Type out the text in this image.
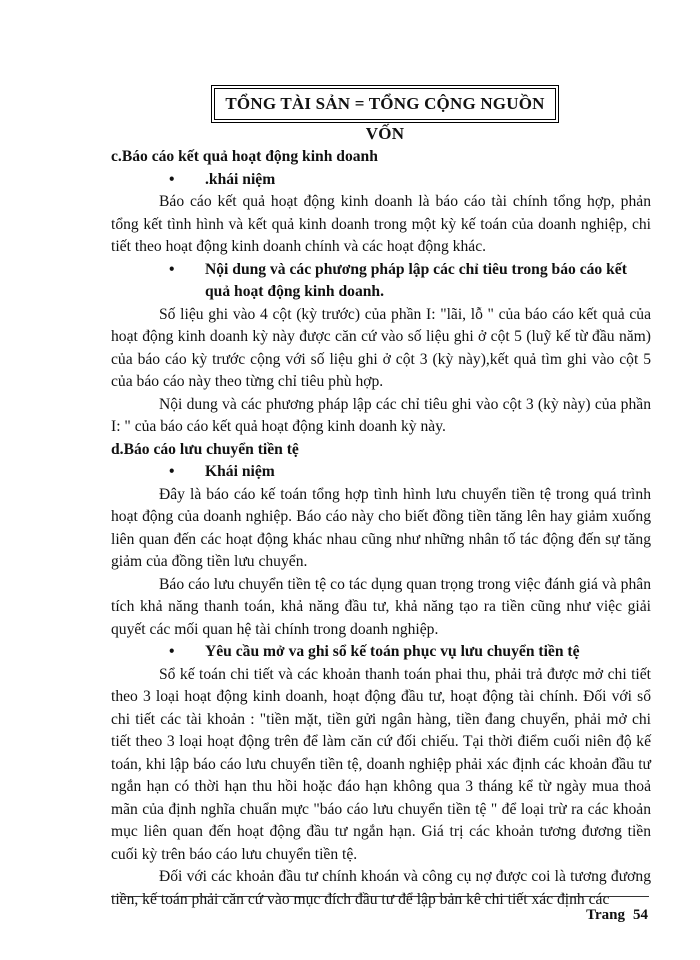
TỔNG TÀI SẢN = TỔNG CỘNG NGUỒN VỐN
c.Báo cáo kết quả hoạt động kinh doanh
• .khái niệm
Báo cáo kết quả hoạt động kinh doanh là báo cáo tài chính tổng hợp, phản tổng kết tình hình và kết quả kinh doanh trong một kỳ kế toán của doanh nghiệp, chi tiết theo hoạt động kinh doanh chính và các hoạt động khác.
• Nội dung và các phương pháp lập các chỉ tiêu trong báo cáo kết quả hoạt động kinh doanh.
Số liệu ghi vào 4 cột (kỳ trước) của phần I: "lãi, lỗ " của báo cáo kết quả của hoạt động kinh doanh kỳ này được căn cứ vào số liệu ghi ở cột 5 (luỹ kế từ đầu năm) của báo cáo kỳ trước cộng với số liệu ghi ở cột 3 (kỳ này),kết quả tìm ghi vào cột 5 của báo cáo này theo từng chỉ tiêu phù hợp.
Nội dung và các phương pháp lập các chỉ tiêu ghi vào cột 3 (kỳ này) của phần I: " của báo cáo kết quả hoạt động kinh doanh kỳ này.
d.Báo cáo lưu chuyển tiền tệ
• Khái niệm
Đây là báo cáo kế toán tổng hợp tình hình lưu chuyển tiền tệ trong quá trình hoạt động của doanh nghiệp. Báo cáo này cho biết đồng tiền tăng lên hay giảm xuống liên quan đến các hoạt động khác nhau cũng như những nhân tố tác động đến sự tăng giảm của đồng tiền lưu chuyển.
Báo cáo lưu chuyển tiền tệ co tác dụng quan trọng trong việc đánh giá và phân tích khả năng thanh toán, khả năng đầu tư, khả năng tạo ra tiền cũng như việc giải quyết các mối quan hệ tài chính trong doanh nghiệp.
• Yêu cầu mở va ghi sổ kế toán phục vụ lưu chuyển tiền tệ
Sổ kế toán chi tiết và các khoản thanh toán phai thu, phải trả được mở chi tiết theo 3 loại hoạt động kinh doanh, hoạt động đầu tư, hoạt động tài chính. Đối với sổ chi tiết các tài khoản : "tiền mặt, tiền gửi ngân hàng, tiền đang chuyển, phải mở chi tiết theo 3 loại hoạt động trên để làm căn cứ đối chiếu. Tại thời điểm cuối niên độ kế toán, khi lập báo cáo lưu chuyển tiền tệ, doanh nghiệp phải xác định các khoản đầu tư ngắn hạn có thời hạn thu hồi hoặc đáo hạn không qua 3 tháng kể từ ngày mua thoả mãn của định nghĩa chuẩn mực "báo cáo lưu chuyển tiền tệ " để loại trừ ra các khoản mục liên quan đến hoạt động đầu tư ngắn hạn. Giá trị các khoản tương đương tiền cuối kỳ trên báo cáo lưu chuyển tiền tệ.
Đối với các khoản đầu tư chính khoán và công cụ nợ được coi là tương đương tiền, kế toán phải căn cứ vào mục đích đầu tư để lập bản kê chi tiết xác định các
Trang 54
